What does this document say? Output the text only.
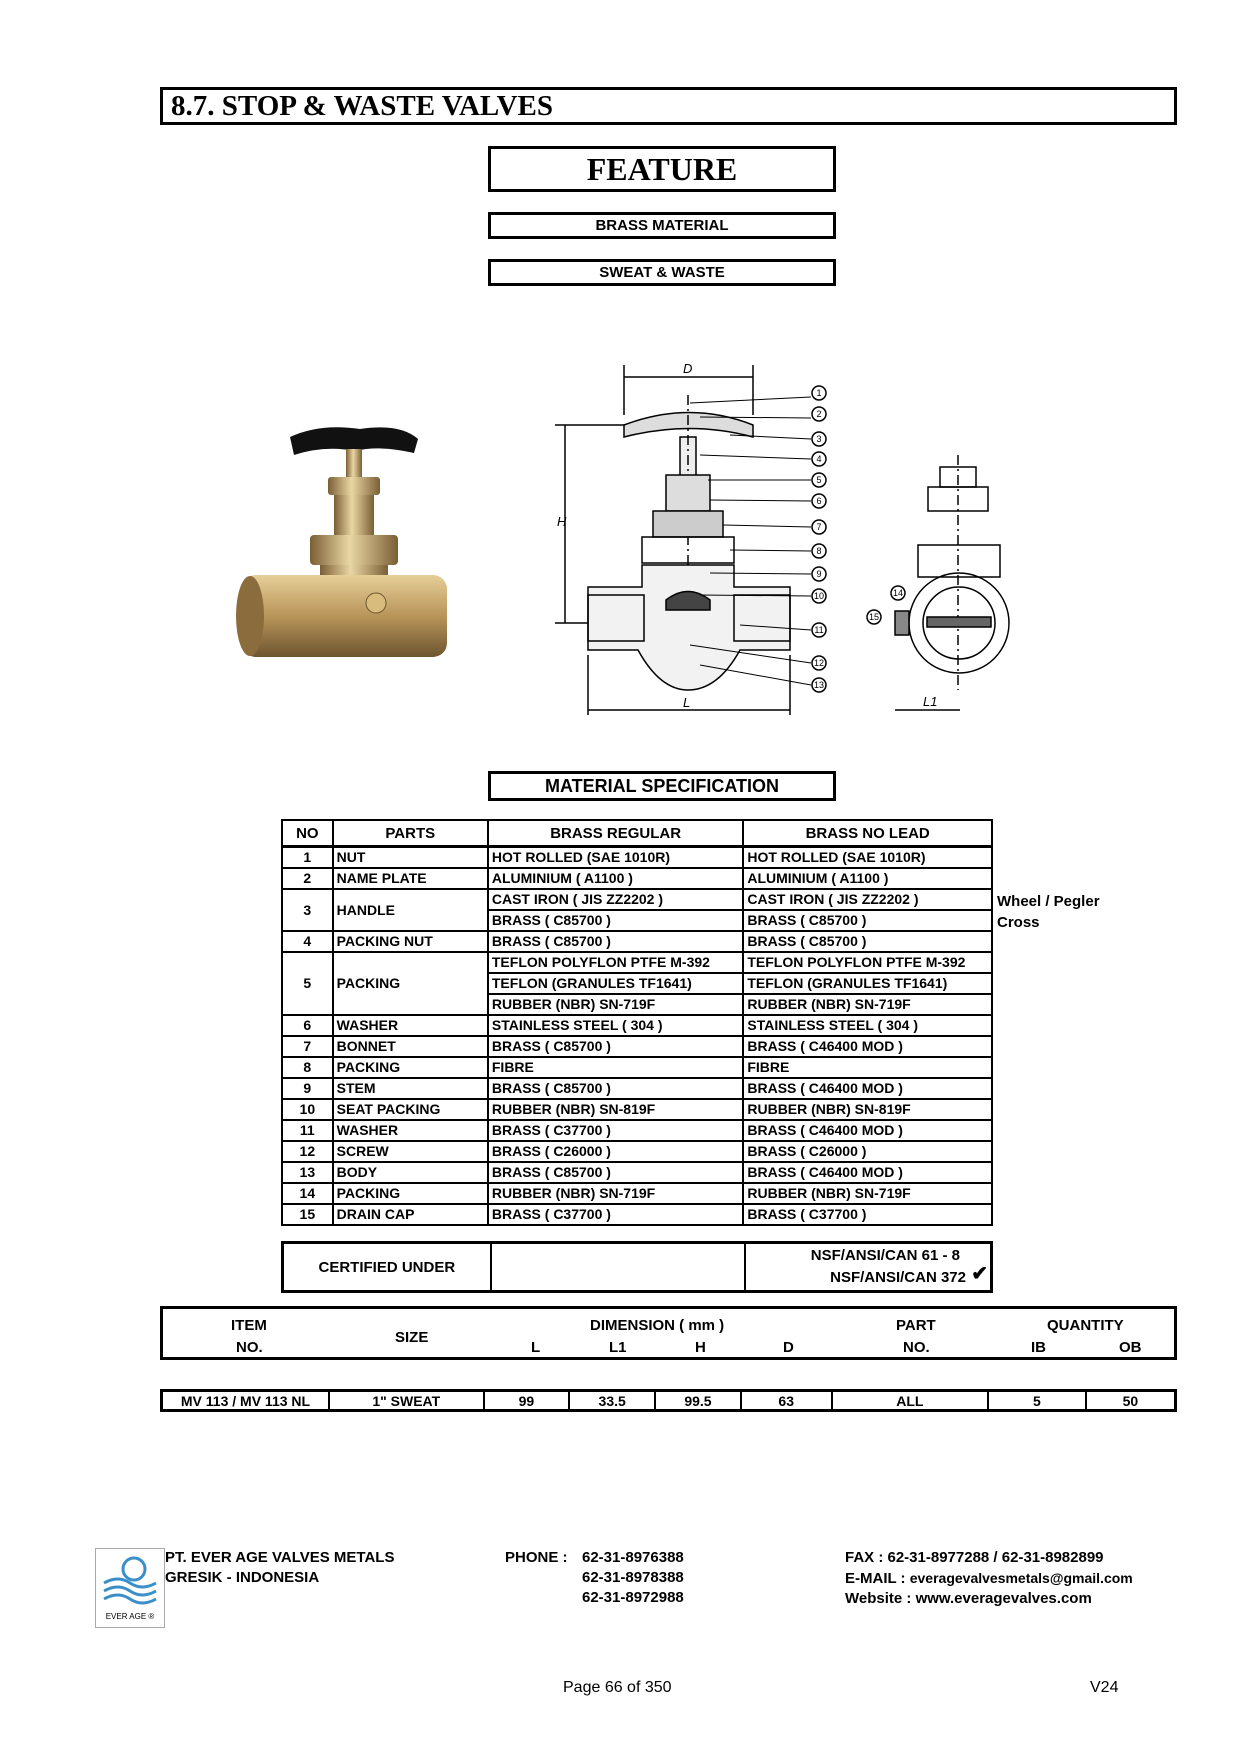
8.7. STOP & WASTE VALVES
FEATURE
BRASS MATERIAL
SWEAT & WASTE
D
H
L
1
2
3
4
5
6
7
8
9
10
11
12
13
L1
14
15
MATERIAL SPECIFICATION
NO	PARTS	BRASS REGULAR	BRASS NO LEAD
1	NUT	HOT ROLLED (SAE 1010R)	HOT ROLLED (SAE 1010R)
2	NAME PLATE	ALUMINIUM ( A1100 )	ALUMINIUM ( A1100 )
3	HANDLE	CAST IRON ( JIS ZZ2202 )	CAST IRON ( JIS ZZ2202 )
		BRASS ( C85700 )	BRASS ( C85700 )
4	PACKING NUT	BRASS ( C85700 )	BRASS ( C85700 )
5	PACKING	TEFLON POLYFLON PTFE M-392	TEFLON POLYFLON PTFE M-392
		TEFLON (GRANULES TF1641)	TEFLON (GRANULES TF1641)
		RUBBER (NBR) SN-719F	RUBBER (NBR) SN-719F
6	WASHER	STAINLESS STEEL ( 304 )	STAINLESS STEEL ( 304 )
7	BONNET	BRASS ( C85700 )	BRASS ( C46400 MOD )
8	PACKING	FIBRE	FIBRE
9	STEM	BRASS ( C85700 )	BRASS ( C46400 MOD )
10	SEAT PACKING	RUBBER (NBR) SN-819F	RUBBER (NBR) SN-819F
11	WASHER	BRASS ( C37700 )	BRASS ( C46400 MOD )
12	SCREW	BRASS ( C26000 )	BRASS ( C26000 )
13	BODY	BRASS ( C85700 )	BRASS ( C46400 MOD )
14	PACKING	RUBBER (NBR) SN-719F	RUBBER (NBR) SN-719F
15	DRAIN CAP	BRASS ( C37700 )	BRASS ( C37700 )
Wheel / Pegler
Cross
CERTIFIED UNDER		
NSF/ANSI/CAN 61 - 8
NSF/ANSI/CAN 372 ✔
ITEM
NO.
SIZE
DIMENSION ( mm )
L	L1	H	D
PART
NO.
QUANTITY
IB	OB
MV 113 / MV 113 NL	1" SWEAT	99	33.5	99.5	63	ALL	5	50
EVER AGE ®
PT. EVER AGE VALVES METALS
GRESIK - INDONESIA
PHONE : 62-31-8976388
62-31-8978388
62-31-8972988
FAX : 62-31-8977288 / 62-31-8982899
E-MAIL : everagevalvesmetals@gmail.com
Website : www.everagevalves.com
Page 66 of 350	V24
